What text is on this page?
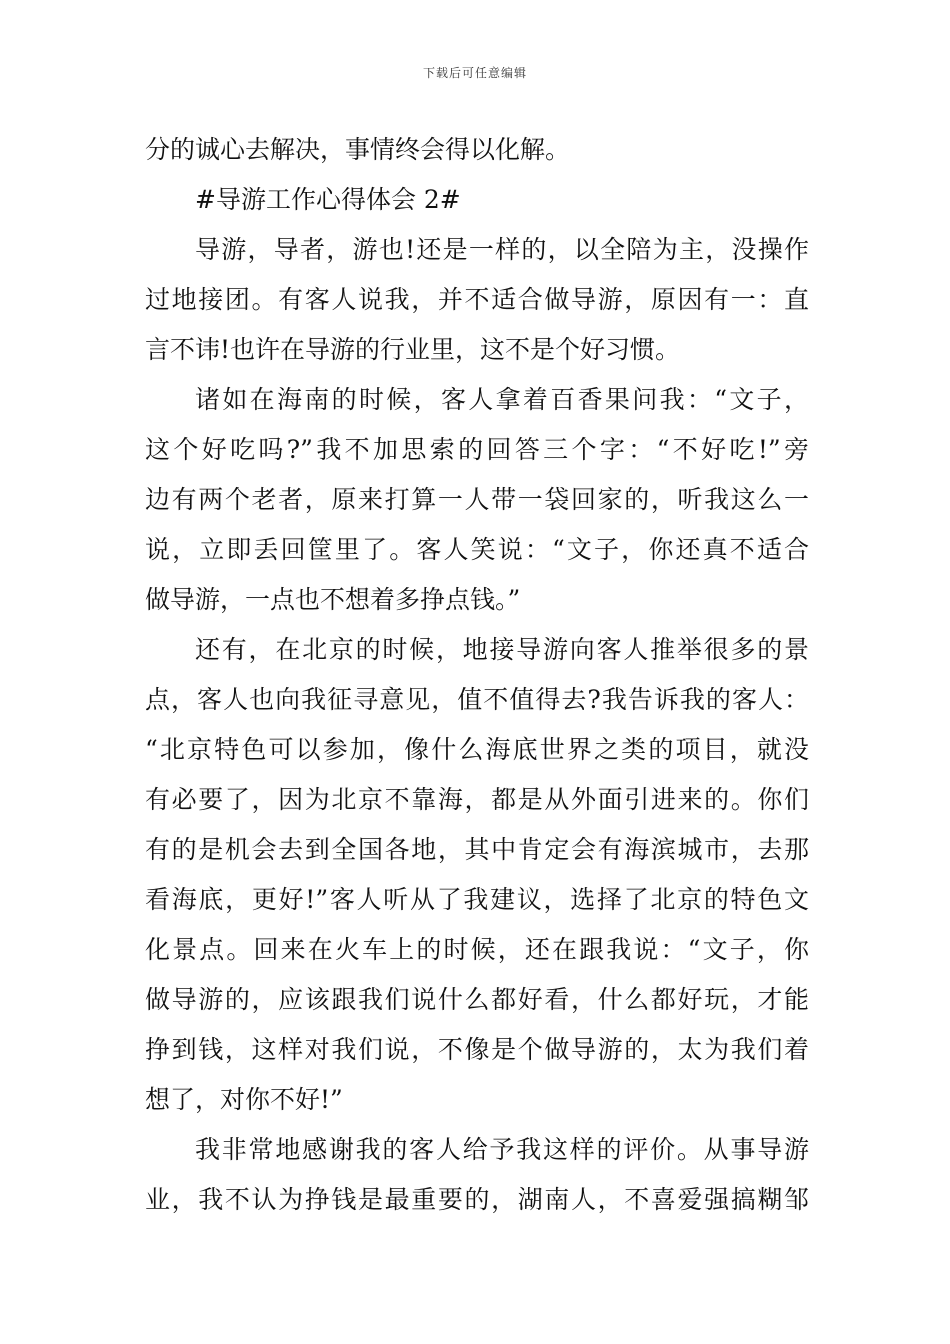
下载后可任意编辑
分的诚心去解决，事情终会得以化解。
#导游工作心得体会 2#
导游，导者，游也!还是一样的，以全陪为主，没操作
过地接团。有客人说我，并不适合做导游，原因有一：直
言不讳!也许在导游的行业里，这不是个好习惯。
诸如在海南的时候，客人拿着百香果问我：“文子，
这个好吃吗?”我不加思索的回答三个字：“不好吃!”旁
边有两个老者，原来打算一人带一袋回家的，听我这么一
说，立即丢回筐里了。客人笑说：“文子，你还真不适合
做导游，一点也不想着多挣点钱。”
还有，在北京的时候，地接导游向客人推举很多的景
点，客人也向我征寻意见，值不值得去?我告诉我的客人：
“北京特色可以参加，像什么海底世界之类的项目，就没
有必要了，因为北京不靠海，都是从外面引进来的。你们
有的是机会去到全国各地，其中肯定会有海滨城市，去那
看海底，更好!”客人听从了我建议，选择了北京的特色文
化景点。回来在火车上的时候，还在跟我说：“文子，你
做导游的，应该跟我们说什么都好看，什么都好玩，才能
挣到钱，这样对我们说，不像是个做导游的，太为我们着
想了，对你不好!”
我非常地感谢我的客人给予我这样的评价。从事导游
业，我不认为挣钱是最重要的，湖南人，不喜爱强搞糊邹
